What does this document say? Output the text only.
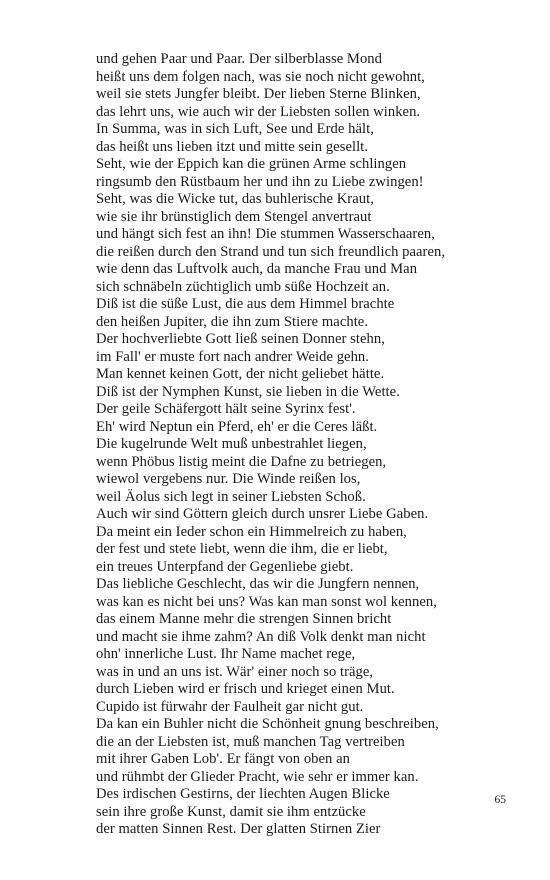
und gehen Paar und Paar. Der silberblasse Mond
heißt uns dem folgen nach, was sie noch nicht gewohnt,
weil sie stets Jungfer bleibt. Der lieben Sterne Blinken,
das lehrt uns, wie auch wir der Liebsten sollen winken.
In Summa, was in sich Luft, See und Erde hält,
das heißt uns lieben itzt und mitte sein gesellt.
Seht, wie der Eppich kan die grünen Arme schlingen
ringsumb den Rüstbaum her und ihn zu Liebe zwingen!
Seht, was die Wicke tut, das buhlerische Kraut,
wie sie ihr brünstiglich dem Stengel anvertraut
und hängt sich fest an ihn! Die stummen Wasserschaaren,
die reißen durch den Strand und tun sich freundlich paaren,
wie denn das Luftvolk auch, da manche Frau und Man
sich schnäbeln züchtiglich umb süße Hochzeit an.
Diß ist die süße Lust, die aus dem Himmel brachte
den heißen Jupiter, die ihn zum Stiere machte.
Der hochverliebte Gott ließ seinen Donner stehn,
im Fall' er muste fort nach andrer Weide gehn.
Man kennet keinen Gott, der nicht geliebet hätte.
Diß ist der Nymphen Kunst, sie lieben in die Wette.
Der geile Schäfergott hält seine Syrinx fest'.
Eh' wird Neptun ein Pferd, eh' er die Ceres läßt.
Die kugelrunde Welt muß unbestrahlet liegen,
wenn Phöbus listig meint die Dafne zu betriegen,
wiewol vergebens nur. Die Winde reißen los,
weil Äolus sich legt in seiner Liebsten Schoß.
Auch wir sind Göttern gleich durch unsrer Liebe Gaben.
Da meint ein Ieder schon ein Himmelreich zu haben,
der fest und stete liebt, wenn die ihm, die er liebt,
ein treues Unterpfand der Gegenliebe giebt.
Das liebliche Geschlecht, das wir die Jungfern nennen,
was kan es nicht bei uns? Was kan man sonst wol kennen,
das einem Manne mehr die strengen Sinnen bricht
und macht sie ihme zahm? An diß Volk denkt man nicht
ohn' innerliche Lust. Ihr Name machet rege,
was in und an uns ist. Wär' einer noch so träge,
durch Lieben wird er frisch und krieget einen Mut.
Cupido ist fürwahr der Faulheit gar nicht gut.
Da kan ein Buhler nicht die Schönheit gnung beschreiben,
die an der Liebsten ist, muß manchen Tag vertreiben
mit ihrer Gaben Lob'. Er fängt von oben an
und rühmbt der Glieder Pracht, wie sehr er immer kan.
Des irdischen Gestirns, der liechten Augen Blicke
sein ihre große Kunst, damit sie ihm entzücke
der matten Sinnen Rest. Der glatten Stirnen Zier
65
